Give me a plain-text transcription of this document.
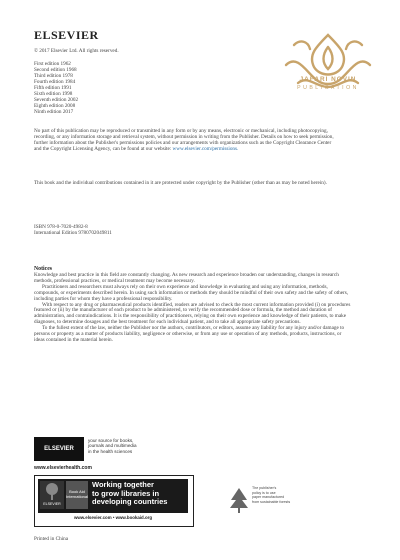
ELSEVIER
© 2017 Elsevier Ltd. All rights reserved.
First edition 1962
Second edition 1968
Third edition 1978
Fourth edition 1984
Fifth edition 1991
Sixth edition 1998
Seventh edition 2002
Eighth edition 2008
Ninth edition 2017
No part of this publication may be reproduced or transmitted in any form or by any means, electronic or mechanical, including photocopying, recording, or any information storage and retrieval system, without permission in writing from the Publisher. Details on how to seek permission, further information about the Publisher's permissions policies and our arrangements with organizations such as the Copyright Clearance Center and the Copyright Licensing Agency, can be found at our website: www.elsevier.com/permissions.
This book and the individual contributions contained in it are protected under copyright by the Publisher (other than as may be noted herein).
ISBN 978-0-7020-4982-8
International Edition 9780702049811
JAFARI NOVIN
PUBLICATION
Notices

Knowledge and best practice in this field are constantly changing. As new research and experience broaden our understanding, changes in research methods, professional practices, or medical treatment may become necessary.

Practitioners and researchers must always rely on their own experience and knowledge in evaluating and using any information, methods, compounds, or experiments described herein. In using such information or methods they should be mindful of their own safety and the safety of others, including parties for whom they have a professional responsibility.

With respect to any drug or pharmaceutical products identified, readers are advised to check the most current information provided (i) on procedures featured or (ii) by the manufacturer of each product to be administered, to verify the recommended dose or formula, the method and duration of administration, and contraindications. It is the responsibility of practitioners, relying on their own experience and knowledge of their patients, to make diagnoses, to determine dosages and the best treatment for each individual patient, and to take all appropriate safety precautions.

To the fullest extent of the law, neither the Publisher nor the authors, contributors, or editors, assume any liability for any injury and/or damage to persons or property as a matter of products liability, negligence or otherwise, or from any use or operation of any methods, products, instructions, or ideas contained in the material herein.

ELSEVIER
your source for books,
journals and multimedia
in the health sciences
www.elsevierhealth.com
ELSEVIER
Book Aid
International
Working together
to grow libraries in
developing countries
www.elsevier.com • www.bookaid.org
The publisher's
policy is to use
paper manufactured
from sustainable forests
Printed in China
